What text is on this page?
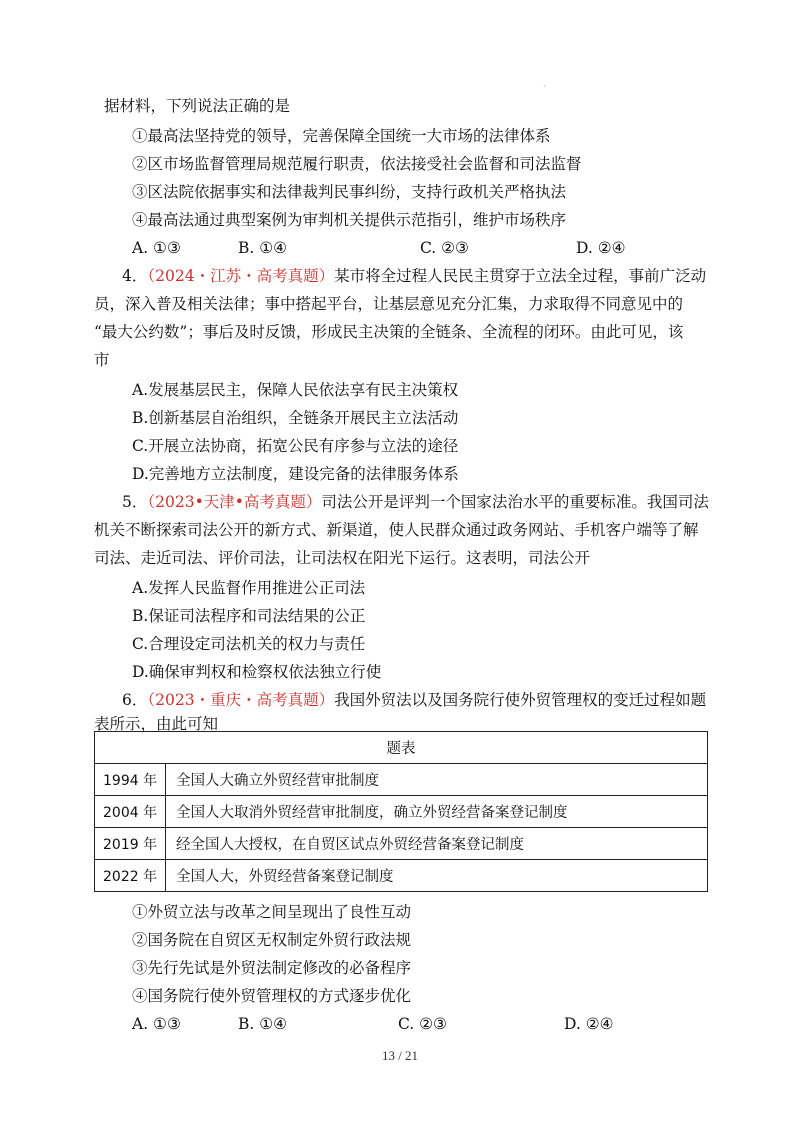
·
据材料，下列说法正确的是
①最高法坚持党的领导，完善保障全国统一大市场的法律体系
②区市场监督管理局规范履行职责，依法接受社会监督和司法监督
③区法院依据事实和法律裁判民事纠纷，支持行政机关严格执法
④最高法通过典型案例为审判机关提供示范指引，维护市场秩序
A. ①③	B. ①④	C. ②③	D. ②④
4．（2024・江苏・高考真题）某市将全过程人民民主贯穿于立法全过程，事前广泛动
员，深入普及相关法律；事中搭起平台，让基层意见充分汇集，力求取得不同意见中的
“最大公约数”；事后及时反馈，形成民主决策的全链条、全流程的闭环。由此可见，该
市
A.发展基层民主，保障人民依法享有民主决策权
B.创新基层自治组织，全链条开展民主立法活动
C.开展立法协商，拓宽公民有序参与立法的途径
D.完善地方立法制度，建设完备的法律服务体系
5．（2023•天津•高考真题）司法公开是评判一个国家法治水平的重要标准。我国司法
机关不断探索司法公开的新方式、新渠道，使人民群众通过政务网站、手机客户端等了解
司法、走近司法、评价司法，让司法权在阳光下运行。这表明，司法公开
A.发挥人民监督作用推进公正司法
B.保证司法程序和司法结果的公正
C.合理设定司法机关的权力与责任
D.确保审判权和检察权依法独立行使
6．（2023・重庆・高考真题）我国外贸法以及国务院行使外贸管理权的变迁过程如题
表所示，由此可知
题表	
1994 年	全国人大确立外贸经营审批制度
2004 年	全国人大取消外贸经营审批制度，确立外贸经营备案登记制度
2019 年	经全国人大授权，在自贸区试点外贸经营备案登记制度
2022 年	全国人大，外贸经营备案登记制度
①外贸立法与改革之间呈现出了良性互动
②国务院在自贸区无权制定外贸行政法规
③先行先试是外贸法制定修改的必备程序
④国务院行使外贸管理权的方式逐步优化
A. ①③	B. ①④	C. ②③	D. ②④
13 / 21
